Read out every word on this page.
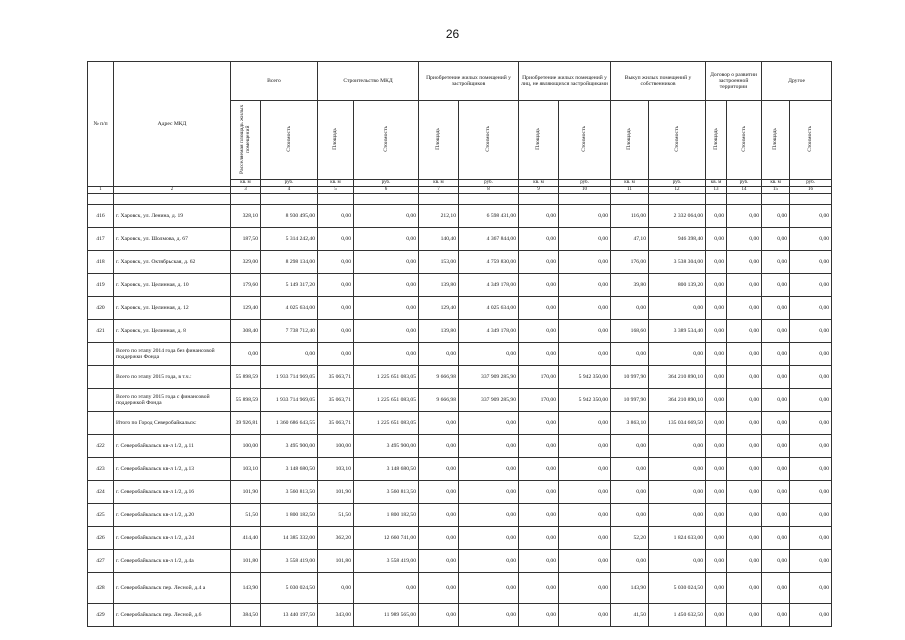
26
№ п/п	Адрес МКД	Всего		Строительство МКД		Приобретение жилых помещений у застройщиков		Приобретение жилых помещений у лиц, не являющихся застройщиками		Выкуп жилых помещений у собственников		Договор о развитии застроенной территории		Другое	
		Расселяемая площадь жилых помещений	Стоимость	Площадь	Стоимость	Площадь	Стоимость	Площадь	Стоимость	Площадь	Стоимость	Площадь	Стоимость	Площадь	Стоимость
		кв. м	руб.	кв. м	руб.	кв. м	руб.	кв. м	руб.	кв. м	руб.	кв. м	руб.	кв. м	руб.
1	2	3	4	5	6	7	8	9	10	11	12	13	14	15	16

416	г. Харовск, ул. Ленина, д. 19	328,10	8 930 495,00	0,00	0,00	212,10	6 598 431,00	0,00	0,00	116,00	2 332 064,00	0,00	0,00	0,00	0,00
417	г. Харовск, ул. Шолмова, д. 67	187,50	5 314 242,40	0,00	0,00	140,40	4 367 844,00	0,00	0,00	47,10	946 398,40	0,00	0,00	0,00	0,00
418	г. Харовск, ул. Октябрьская, д. 62	329,00	8 298 134,00	0,00	0,00	153,00	4 759 830,00	0,00	0,00	176,00	3 538 304,00	0,00	0,00	0,00	0,00
419	г. Харовск, ул. Целинная, д. 10	179,60	5 149 317,20	0,00	0,00	139,80	4 349 178,00	0,00	0,00	39,80	800 139,20	0,00	0,00	0,00	0,00
420	г. Харовск, ул. Целинная, д. 12	129,40	4 025 634,00	0,00	0,00	129,40	4 025 634,00	0,00	0,00	0,00	0,00	0,00	0,00	0,00	0,00
421	г. Харовск, ул. Целинная, д. 8	308,40	7 738 712,40	0,00	0,00	139,80	4 349 178,00	0,00	0,00	168,60	3 389 534,40	0,00	0,00	0,00	0,00
	Всего по этапу 2014 года без финансовой поддержки Фонда	0,00	0,00	0,00	0,00	0,00	0,00	0,00	0,00	0,00	0,00	0,00	0,00	0,00	0,00
	Всего по этапу 2015 года, в т.ч.:	55 898,59	1 933 714 969,05	35 063,71	1 225 651 083,05	9 666,98	337 909 285,90	170,00	5 942 350,00	10 997,90	364 210 890,10	0,00	0,00	0,00	0,00
	Всего по этапу 2015 года с финансовой поддержкой Фонда	55 898,59	1 933 714 969,05	35 063,71	1 225 651 083,05	9 666,98	337 909 285,90	170,00	5 942 350,00	10 997,90	364 210 890,10	0,00	0,00	0,00	0,00
	Итого по Город Северобайкальск:	39 926,81	1 360 686 643,55	35 063,71	1 225 651 083,05	0,00	0,00	0,00	0,00	3 863,10	135 034 669,50	0,00	0,00	0,00	0,00
422	г. Северобайкальск кв-л 1/2, д.11	100,00	3 495 900,00	100,00	3 495 900,00	0,00	0,00	0,00	0,00	0,00	0,00	0,00	0,00	0,00	0,00
423	г. Северобайкальск кв-л 1/2, д.13	103,10	3 148 680,50	103,10	3 148 680,50	0,00	0,00	0,00	0,00	0,00	0,00	0,00	0,00	0,00	0,00
424	г. Северобайкальск кв-л 1/2, д.16	101,90	3 560 813,50	101,90	3 560 813,50	0,00	0,00	0,00	0,00	0,00	0,00	0,00	0,00	0,00	0,00
425	г. Северобайкальск кв-л 1/2, д.20	51,50	1 800 182,50	51,50	1 800 182,50	0,00	0,00	0,00	0,00	0,00	0,00	0,00	0,00	0,00	0,00
426	г. Северобайкальск кв-л 1/2, д.24	414,40	14 385 332,00	362,20	12 660 741,00	0,00	0,00	0,00	0,00	52,20	1 824 633,00	0,00	0,00	0,00	0,00
427	г. Северобайкальск кв-л 1/2, д.4а	101,80	3 558 419,00	101,80	3 558 419,00	0,00	0,00	0,00	0,00	0,00	0,00	0,00	0,00	0,00	0,00
428	г. Северобайкальск пер. Лесной, д.4 а	143,90	5 030 024,50	0,00	0,00	0,00	0,00	0,00	0,00	143,90	5 030 024,50	0,00	0,00	0,00	0,00
429	г. Северобайкальск пер. Лесной, д.6	384,50	13 440 197,50	343,00	11 989 565,00	0,00	0,00	0,00	0,00	41,50	1 450 632,50	0,00	0,00	0,00	0,00
